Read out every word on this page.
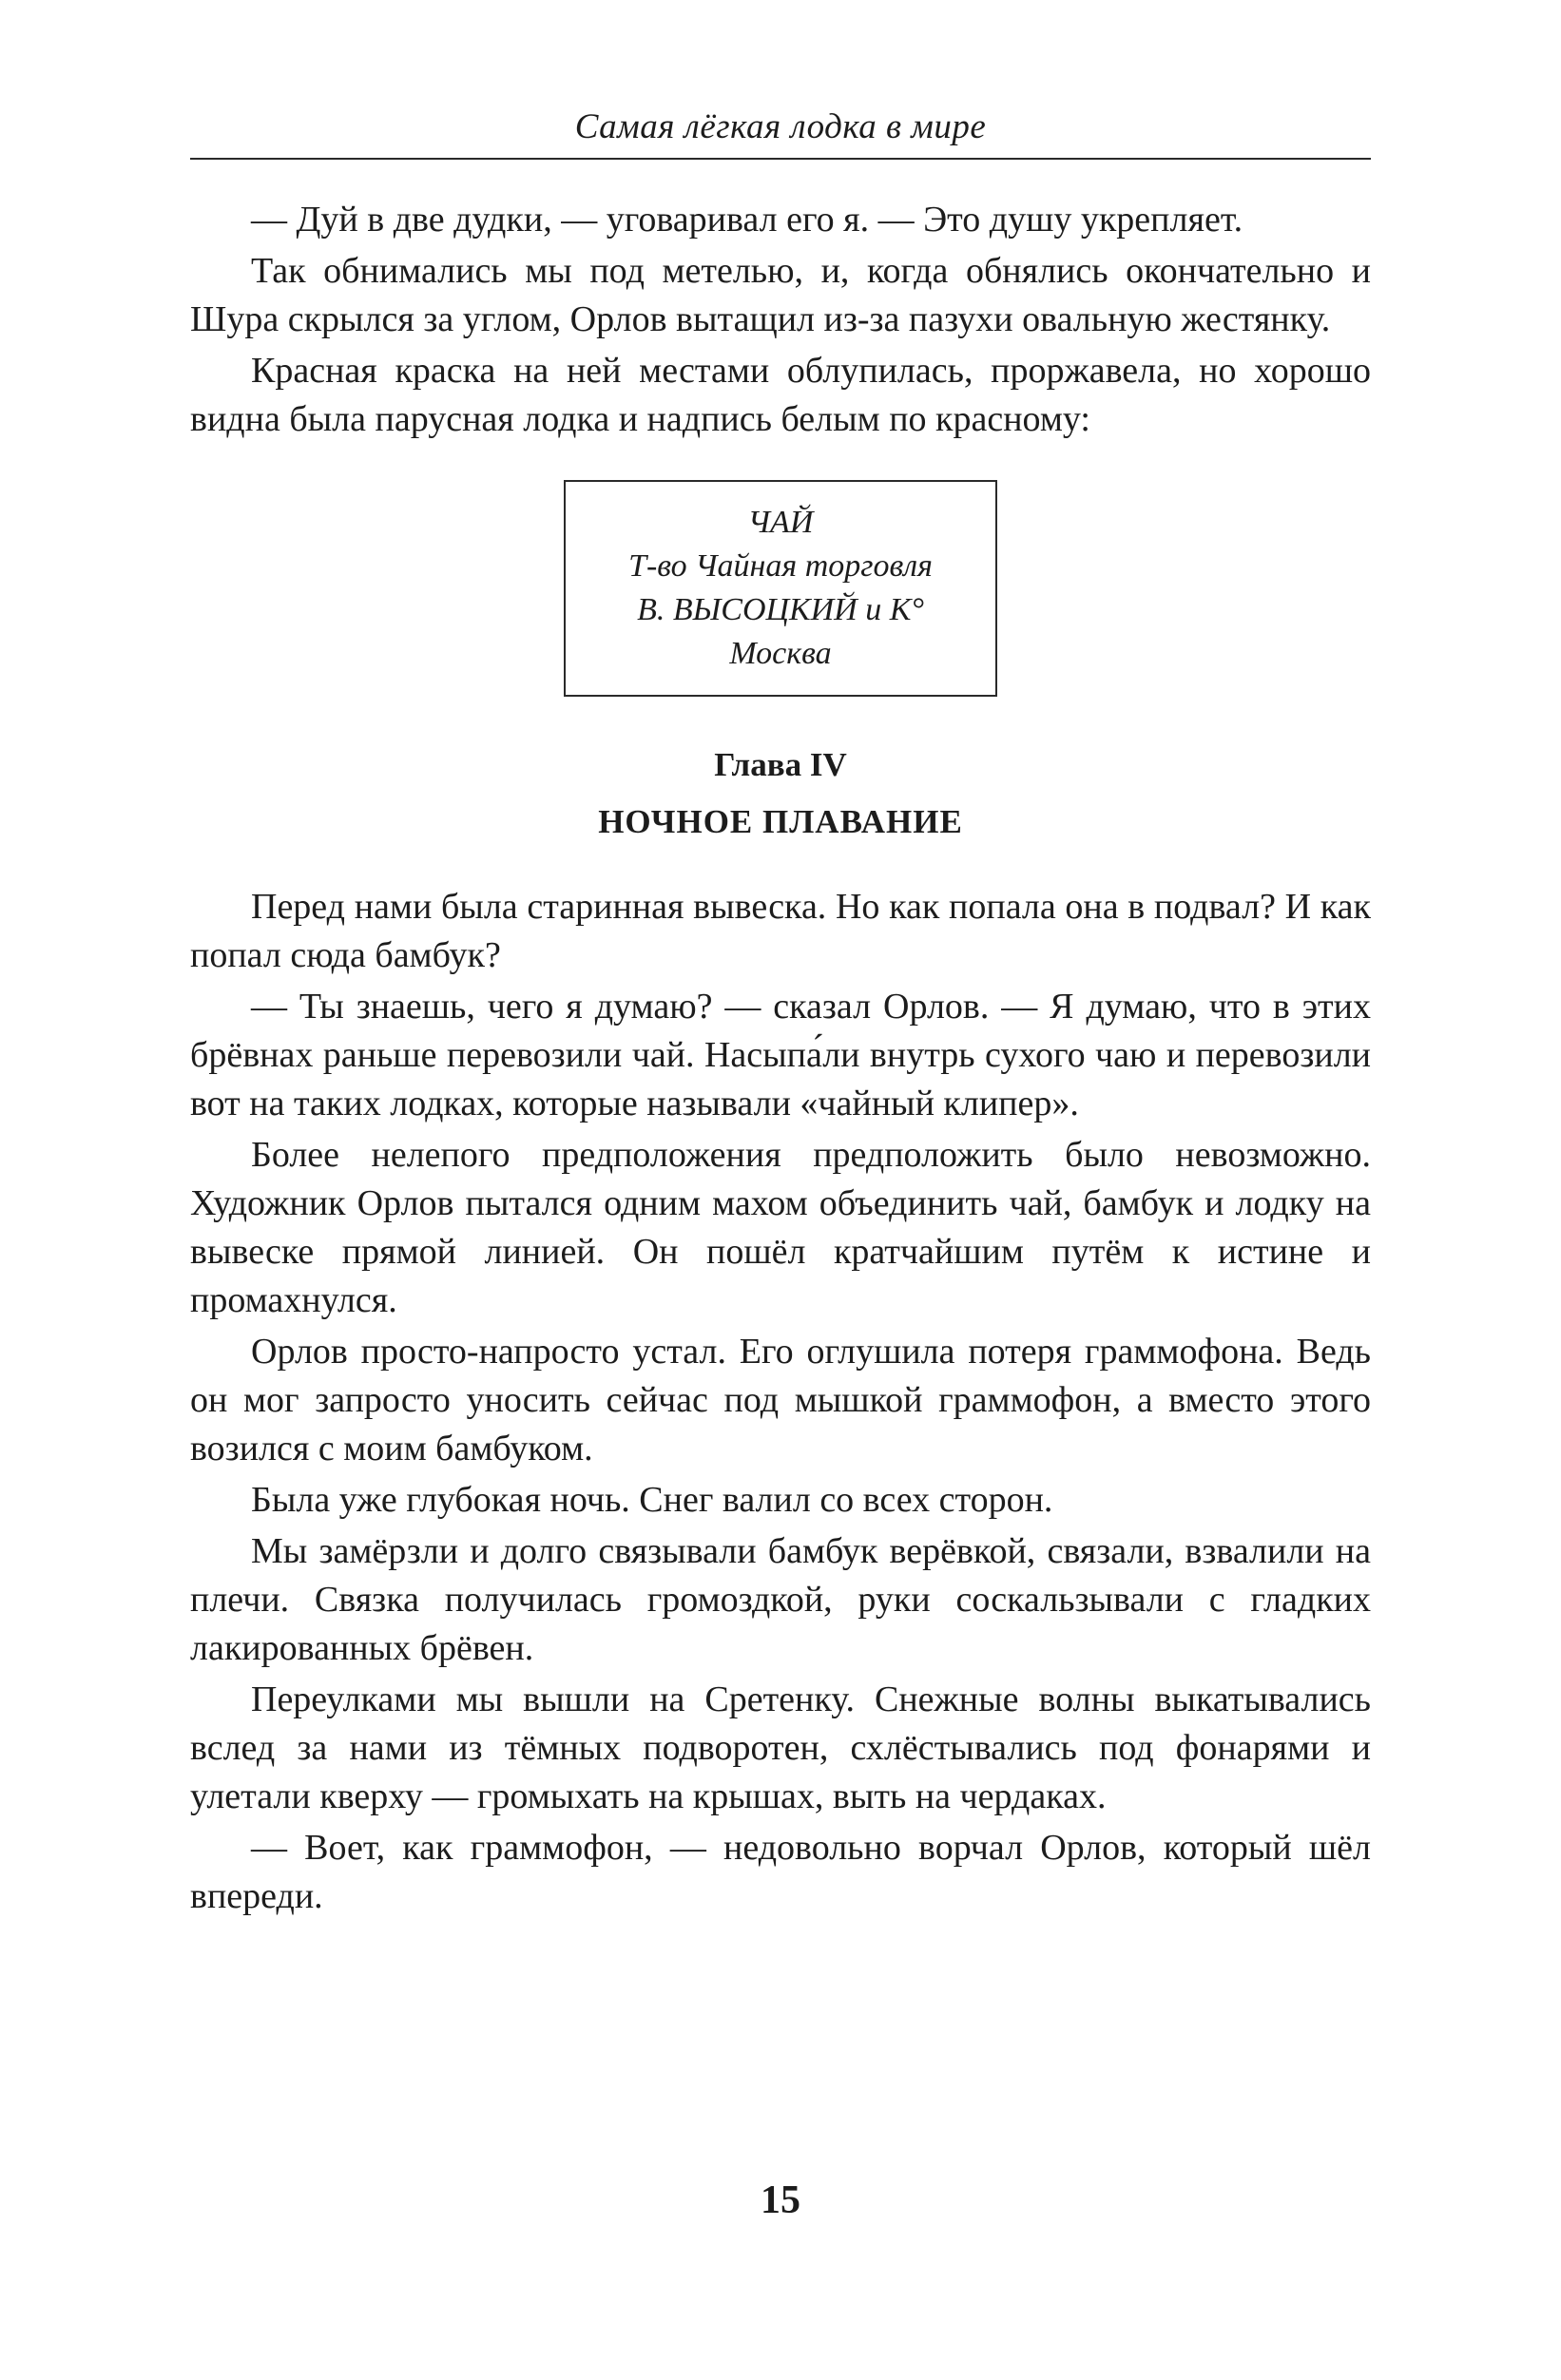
Самая лёгкая лодка в мире

— Дуй в две дудки, — уговаривал его я. — Это душу укрепляет.

Так обнимались мы под метелью, и, когда обнялись окончательно и Шура скрылся за углом, Орлов вытащил из-за пазухи овальную жестянку.

Красная краска на ней местами облупилась, проржавела, но хорошо видна была парусная лодка и надпись белым по красному:

ЧАЙ
Т-во Чайная торговля
В. ВЫСОЦКИЙ и К°
Москва
Глава IV
НОЧНОЕ ПЛАВАНИЕ

Перед нами была старинная вывеска. Но как попала она в подвал? И как попал сюда бамбук?

— Ты знаешь, чего я думаю? — сказал Орлов. — Я думаю, что в этих брёвнах раньше перевозили чай. Насыпа́ли внутрь сухого чаю и перевозили вот на таких лодках, которые называли «чайный клипер».

Более нелепого предположения предположить было невозможно. Художник Орлов пытался одним махом объединить чай, бамбук и лодку на вывеске прямой линией. Он пошёл кратчайшим путём к истине и промахнулся.

Орлов просто-напросто устал. Его оглушила потеря граммофона. Ведь он мог запросто уносить сейчас под мышкой граммофон, а вместо этого возился с моим бамбуком.

Была уже глубокая ночь. Снег валил со всех сторон.

Мы замёрзли и долго связывали бамбук верёвкой, связали, взвалили на плечи. Связка получилась громоздкой, руки соскальзывали с гладких лакированных брёвен.

Переулками мы вышли на Сретенку. Снежные волны выкатывались вслед за нами из тёмных подворотен, схлёстывались под фонарями и улетали кверху — громыхать на крышах, выть на чердаках.

— Воет, как граммофон, — недовольно ворчал Орлов, который шёл впереди.

15
